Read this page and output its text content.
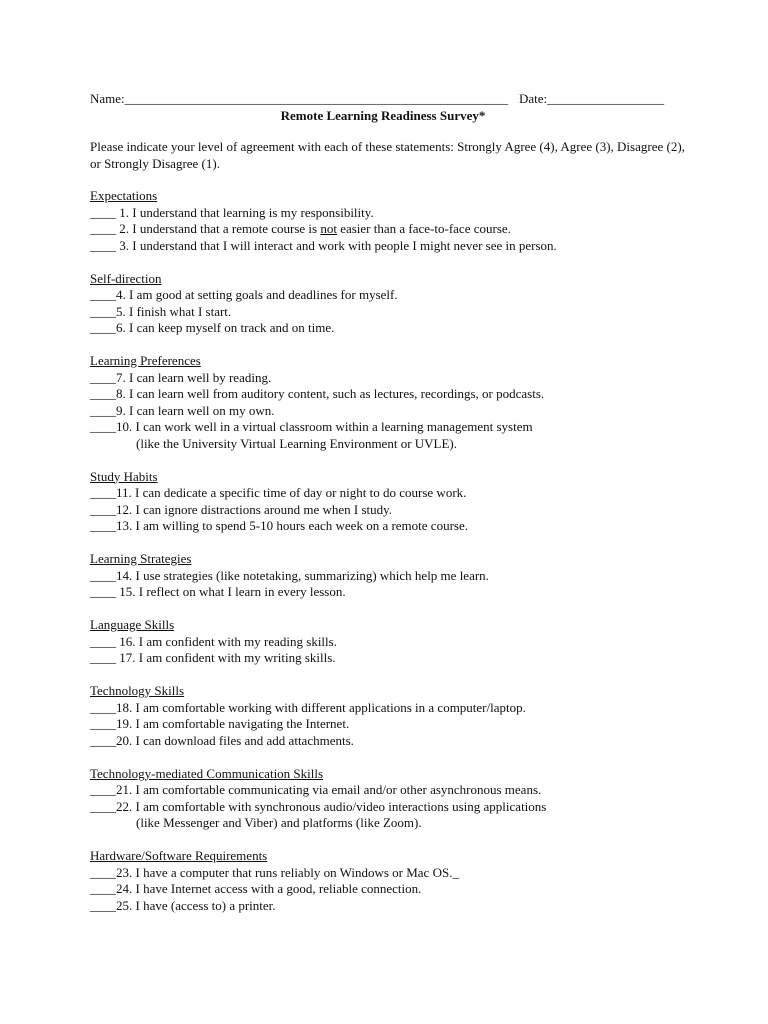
Name:___________________________________________________________ Date:__________________
Remote Learning Readiness Survey*
Please indicate your level of agreement with each of these statements: Strongly Agree (4), Agree (3), Disagree (2), or Strongly Disagree (1).
Expectations
____ 1. I understand that learning is my responsibility.
____ 2. I understand that a remote course is not easier than a face-to-face course.
____ 3. I understand that I will interact and work with people I might never see in person.
Self-direction
____4. I am good at setting goals and deadlines for myself.
____5. I finish what I start.
____6. I can keep myself on track and on time.
Learning Preferences
____7. I can learn well by reading.
____8. I can learn well from auditory content, such as lectures, recordings, or podcasts.
____9. I can learn well on my own.
____10. I can work well in a virtual classroom within a learning management system
(like the University Virtual Learning Environment or UVLE).
Study Habits
____11. I can dedicate a specific time of day or night to do course work.
____12. I can ignore distractions around me when I study.
____13. I am willing to spend 5-10 hours each week on a remote course.
Learning Strategies
____14. I use strategies (like notetaking, summarizing) which help me learn.
____ 15. I reflect on what I learn in every lesson.
Language Skills
____ 16. I am confident with my reading skills.
____ 17. I am confident with my writing skills.
Technology Skills
____18. I am comfortable working with different applications in a computer/laptop.
____19. I am comfortable navigating the Internet.
____20. I can download files and add attachments.
Technology-mediated Communication Skills
____21. I am comfortable communicating via email and/or other asynchronous means.
____22. I am comfortable with synchronous audio/video interactions using applications
(like Messenger and Viber) and platforms (like Zoom).
Hardware/Software Requirements
____23. I have a computer that runs reliably on Windows or Mac OS._
____24. I have Internet access with a good, reliable connection.
____25. I have (access to) a printer.
